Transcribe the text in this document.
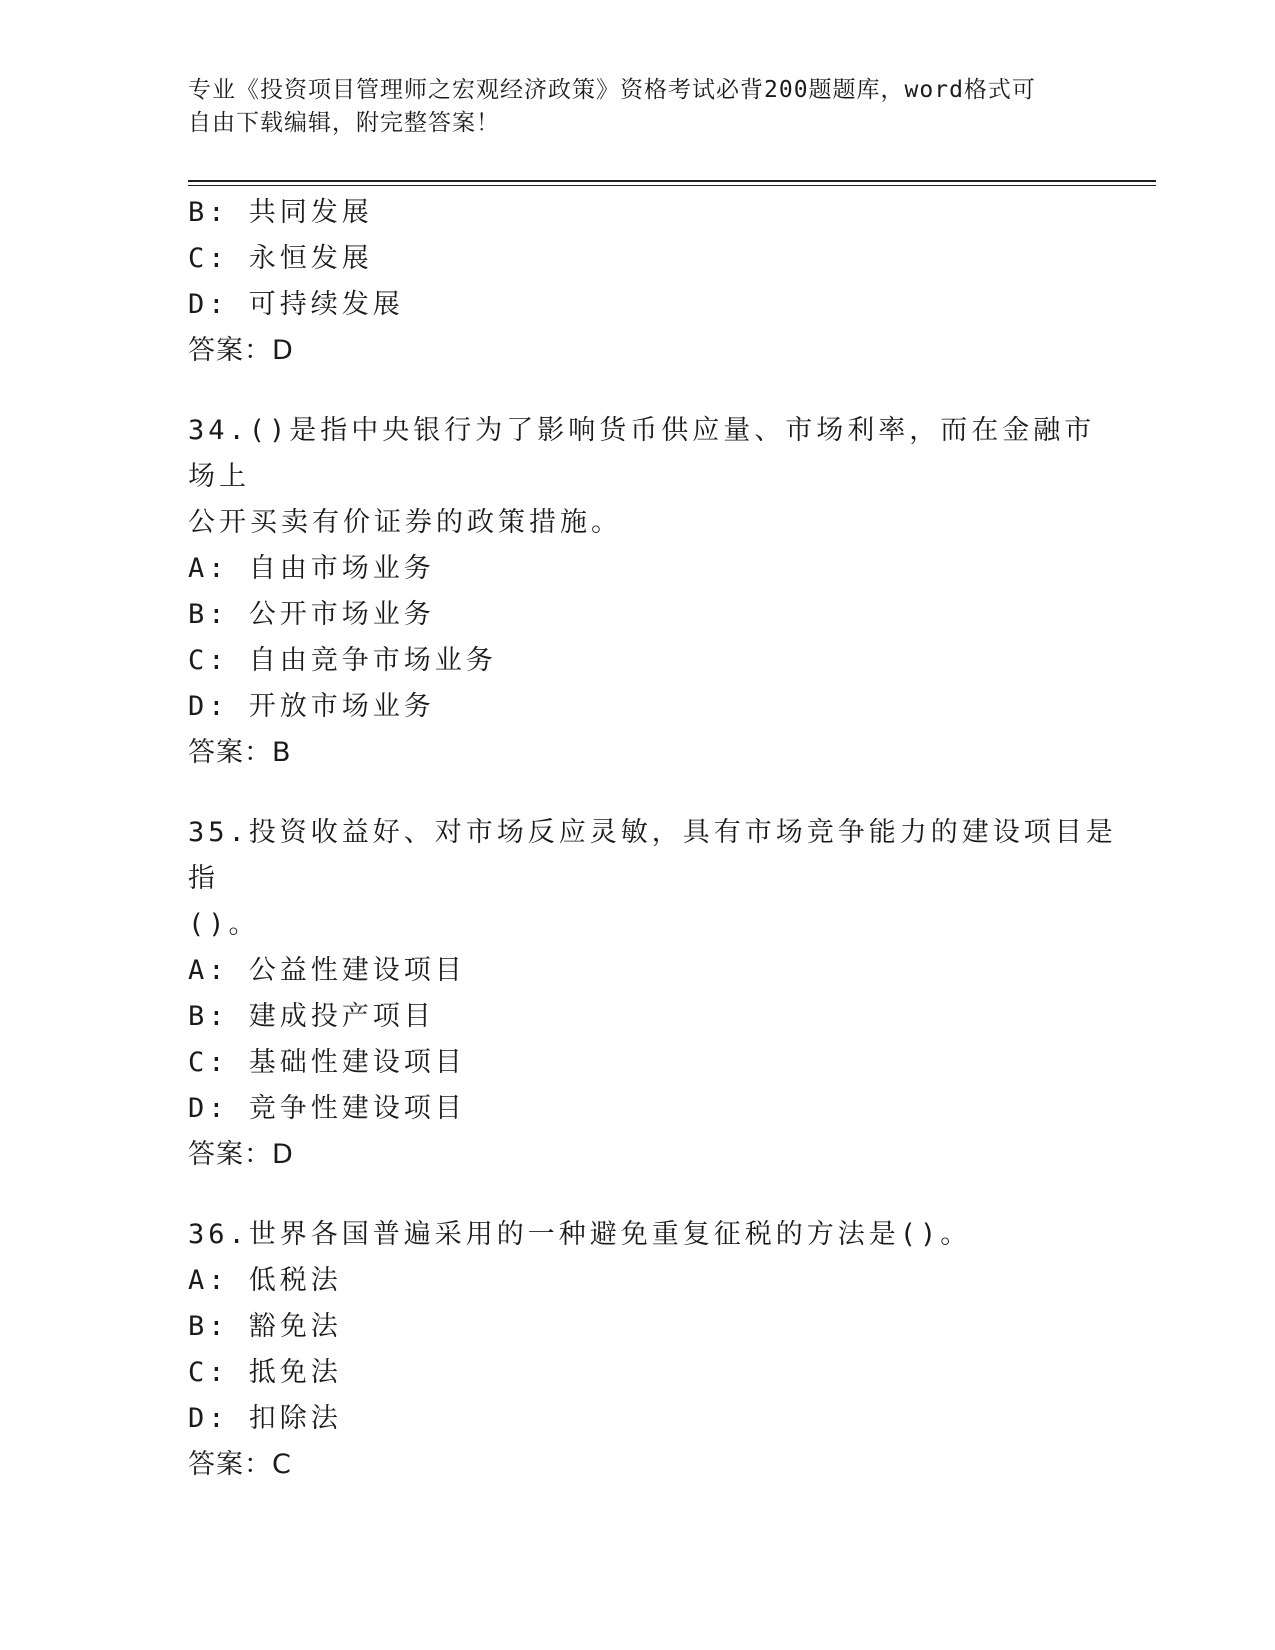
专业《投资项目管理师之宏观经济政策》资格考试必背200题题库，word格式可
自由下载编辑，附完整答案！
B: 共同发展
C: 永恒发展
D: 可持续发展
答案：D
34.()是指中央银行为了影响货币供应量、市场利率，而在金融市场上
公开买卖有价证券的政策措施。
A: 自由市场业务
B: 公开市场业务
C: 自由竞争市场业务
D: 开放市场业务
答案：B
35.投资收益好、对市场反应灵敏，具有市场竞争能力的建设项目是指
()。
A: 公益性建设项目
B: 建成投产项目
C: 基础性建设项目
D: 竞争性建设项目
答案：D
36.世界各国普遍采用的一种避免重复征税的方法是()。
A: 低税法
B: 豁免法
C: 抵免法
D: 扣除法
答案：C
